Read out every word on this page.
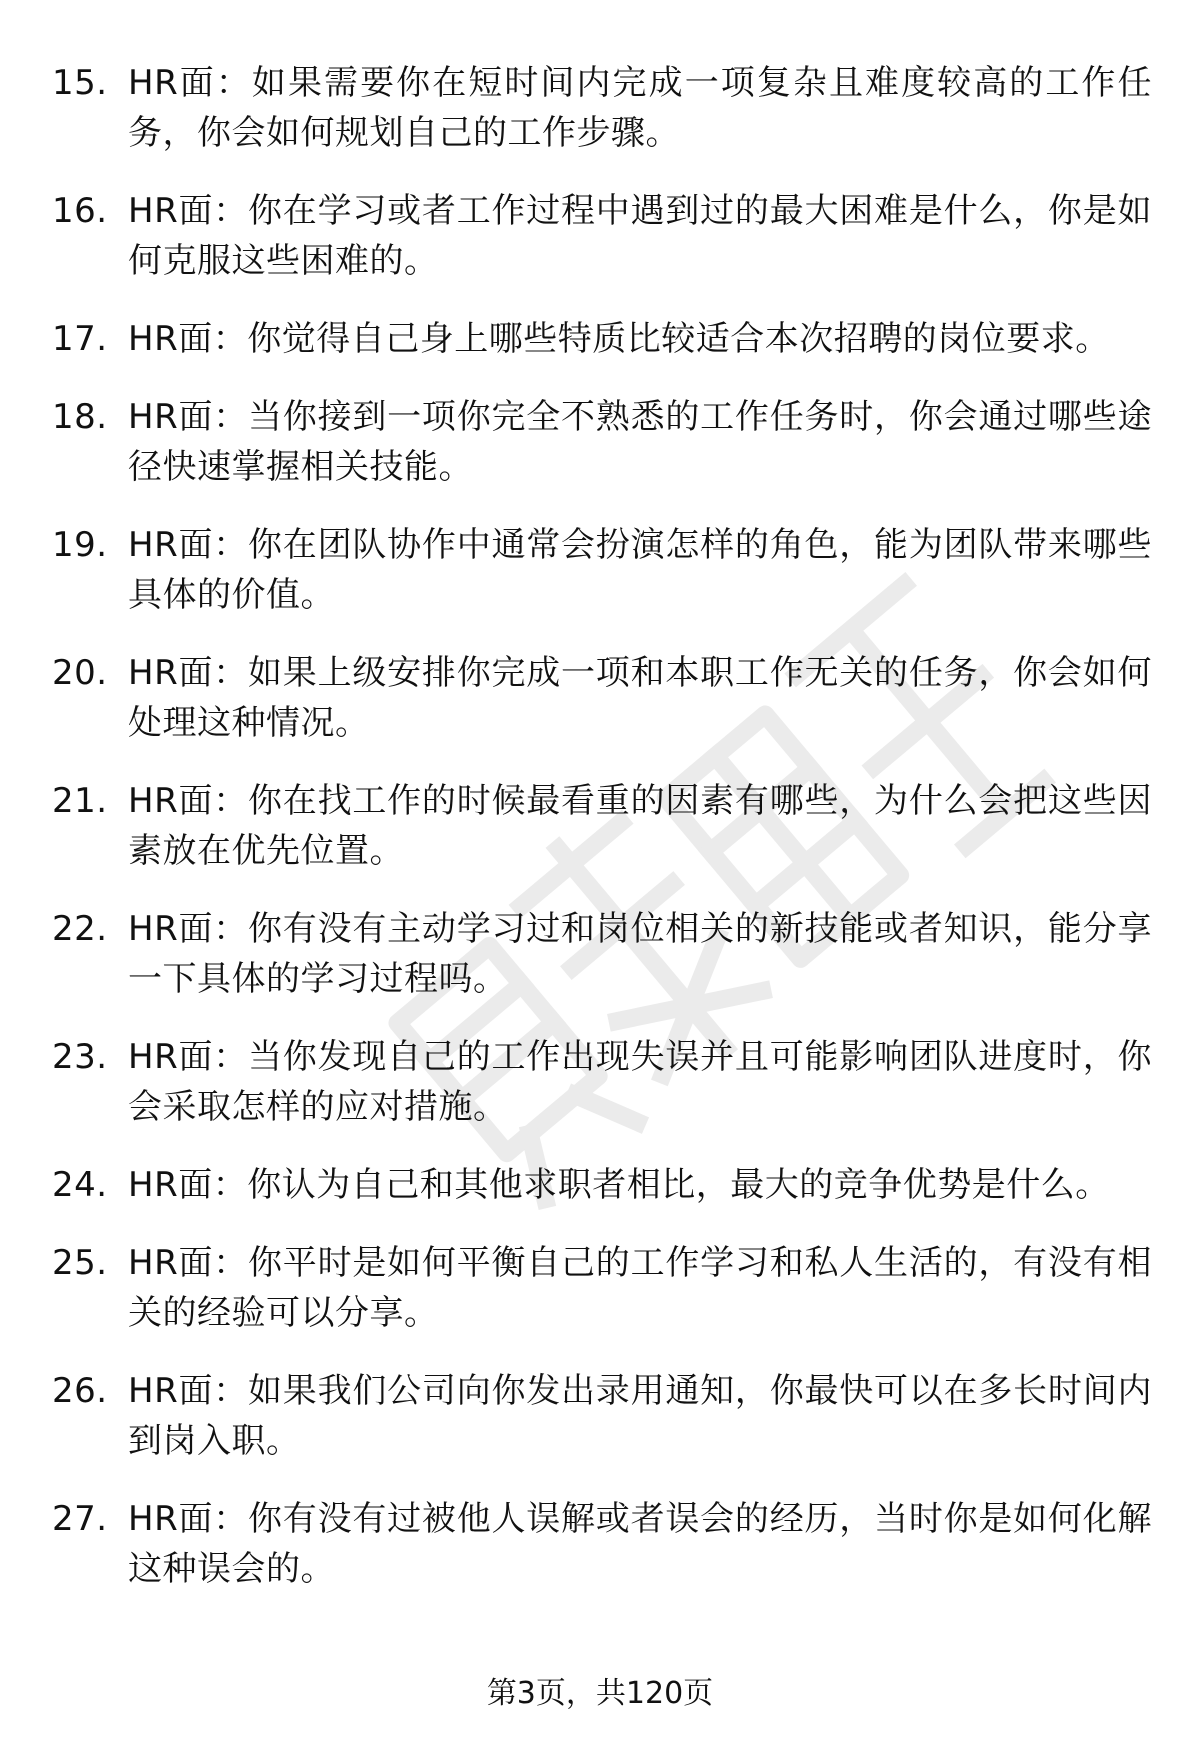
15. HR面：如果需要你在短时间内完成一项复杂且难度较高的工作任务，你会如何规划自己的工作步骤。
16. HR面：你在学习或者工作过程中遇到过的最大困难是什么，你是如何克服这些困难的。
17. HR面：你觉得自己身上哪些特质比较适合本次招聘的岗位要求。
18. HR面：当你接到一项你完全不熟悉的工作任务时，你会通过哪些途径快速掌握相关技能。
19. HR面：你在团队协作中通常会扮演怎样的角色，能为团队带来哪些具体的价值。
20. HR面：如果上级安排你完成一项和本职工作无关的任务，你会如何处理这种情况。
21. HR面：你在找工作的时候最看重的因素有哪些，为什么会把这些因素放在优先位置。
22. HR面：你有没有主动学习过和岗位相关的新技能或者知识，能分享一下具体的学习过程吗。
23. HR面：当你发现自己的工作出现失误并且可能影响团队进度时，你会采取怎样的应对措施。
24. HR面：你认为自己和其他求职者相比，最大的竞争优势是什么。
25. HR面：你平时是如何平衡自己的工作学习和私人生活的，有没有相关的经验可以分享。
26. HR面：如果我们公司向你发出录用通知，你最快可以在多长时间内到岗入职。
27. HR面：你有没有过被他人误解或者误会的经历，当时你是如何化解这种误会的。
第3页，共120页
